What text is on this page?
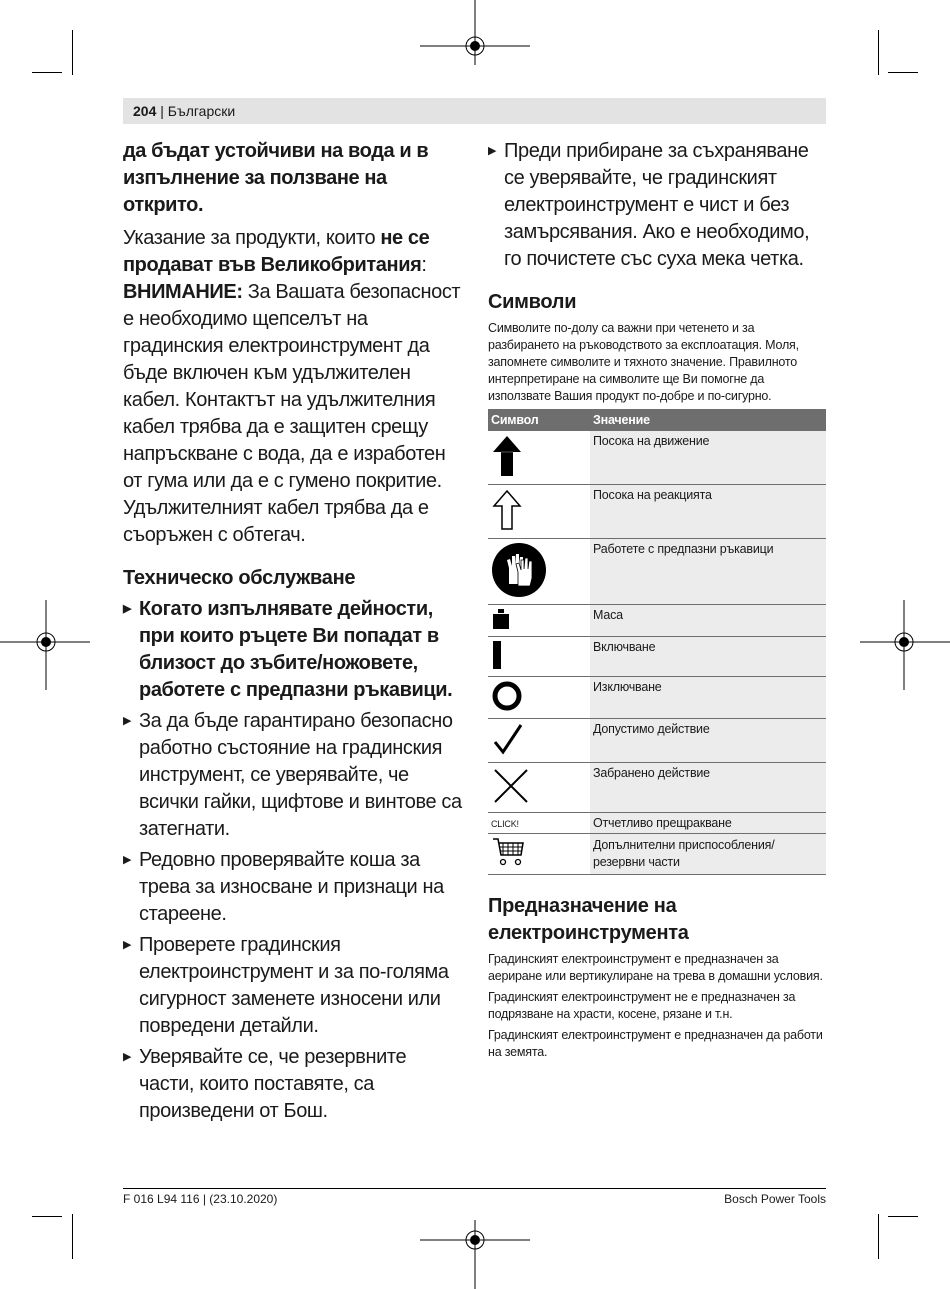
204 | Български

да бъдат устойчиви на вода и в изпълнение за ползване на открито.

Указание за продукти, които не се продават във Великобритания: ВНИМАНИЕ: За Вашата безопасност е необходимо щепселът на градинския електроинструмент да бъде включен към удължителен кабел. Контактът на удължителния кабел трябва да е защитен срещу напръскване с вода, да е изработен от гума или да е с гумено покритие. Удължителният кабел трябва да е съоръжен с обтегач.

Техническо обслужване
▶ Когато изпълнявате дейности, при които ръцете Ви попадат в близост до зъбите/ножовете, работете с предпазни ръкавици.
▶ За да бъде гарантирано безопасно работно състояние на градинския инструмент, се уверявайте, че всички гайки, щифтове и винтове са затегнати.
▶ Редовно проверявайте коша за трева за износване и признаци на стареене.
▶ Проверете градинския електроинструмент и за по-голяма сигурност заменете износени или повредени детайли.
▶ Уверявайте се, че резервните части, които поставяте, са произведени от Бош.
▶ Преди прибиране за съхраняване се уверявайте, че градинският електроинструмент е чист и без замърсявания. Ако е необходимо, го почистете със суха мека четка.
Символи
Символите по-долу са важни при четенето и за разбирането на ръководството за експлоатация. Моля, запомнете символите и тяхното значение. Правилното интерпретиране на символите ще Ви помогне да използвате Вашия продукт по-добре и по-сигурно.
Символ	Значение
	Посока на движение
	Посока на реакцията
	Работете с предпазни ръкавици
	Маса
	Включване
	Изключване
	Допустимо действие
	Забранено действие
CLICK!	Отчетливо прещракване
	Допълнителни приспособления/резервни части
Предназначение на електроинструмента
Градинският електроинструмент е предназначен за аериране или вертикулиране на трева в домашни условия.
Градинският електроинструмент не е предназначен за подрязване на храсти, косене, рязане и т.н.
Градинският електроинструмент е предназначен да работи на земята.
F 016 L94 116 | (23.10.2020)	Bosch Power Tools
